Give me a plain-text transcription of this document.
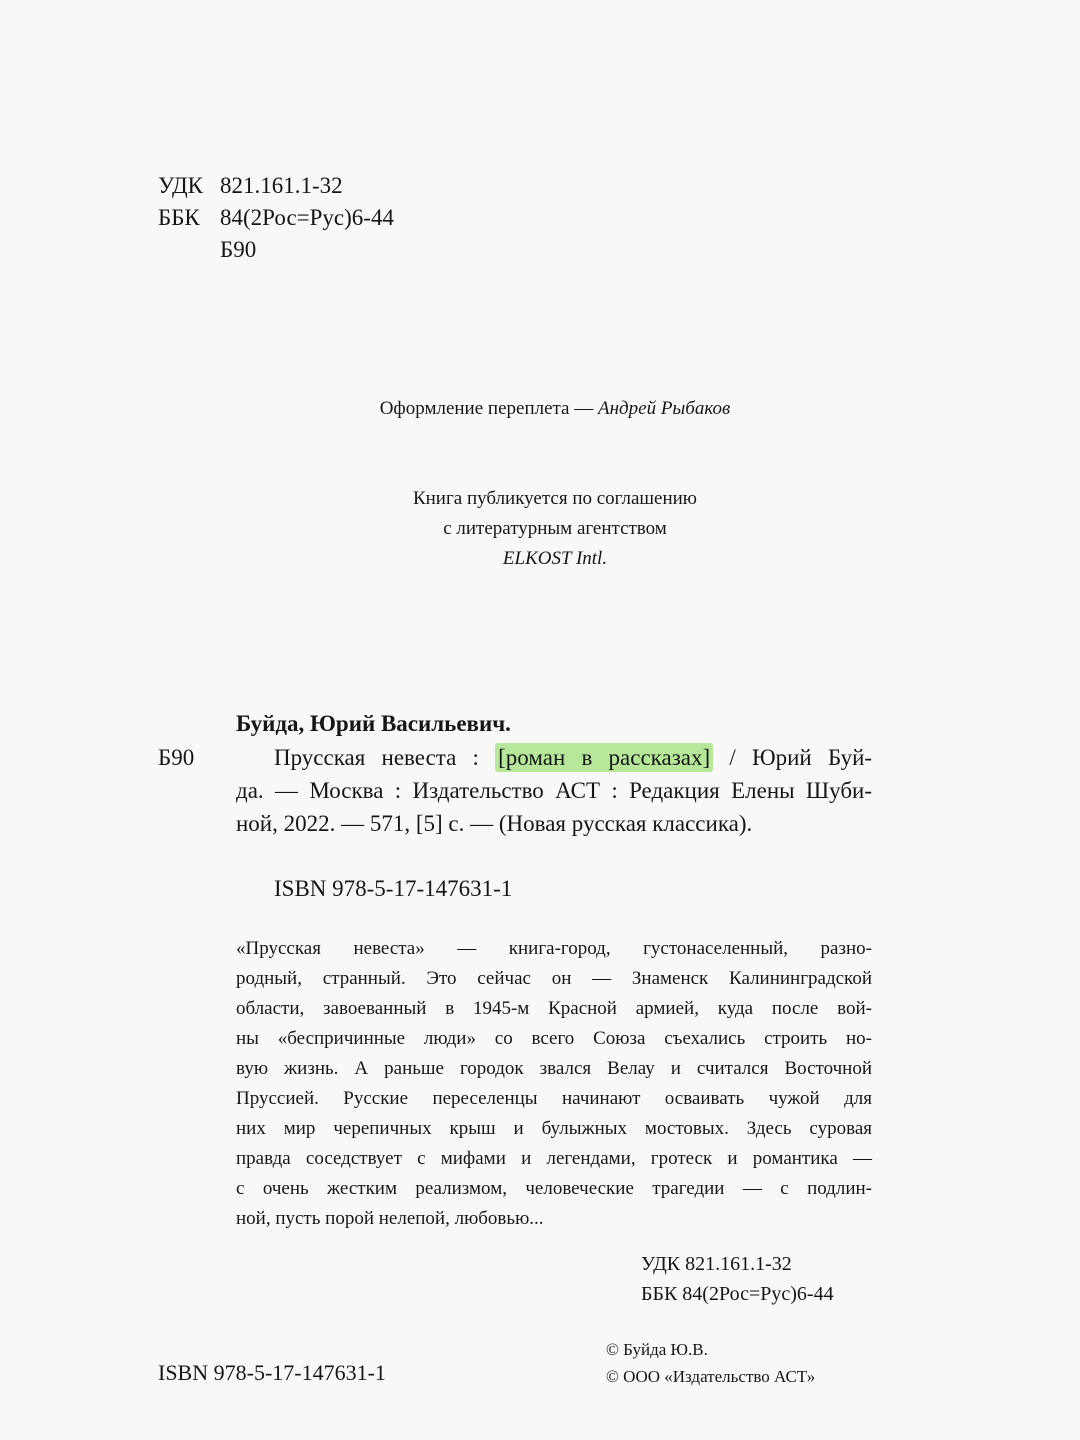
УДК 821.161.1-32
ББК 84(2Рос=Рус)6-44
Б90
Оформление переплета — Андрей Рыбаков
Книга публикуется по соглашению
с литературным агентством
ELKOST Intl.
Буйда, Юрий Васильевич.
Б90	Прусская невеста : [роман в рассказах] / Юрий Буй-
да. — Москва : Издательство АСТ : Редакция Елены Шуби-
ной, 2022. — 571, [5] с. — (Новая русская классика).
ISBN 978-5-17-147631-1
«Прусская невеста» — книга-город, густонаселенный, разно-
родный, странный. Это сейчас он — Знаменск Калининградской
области, завоеванный в 1945-м Красной армией, куда после вой-
ны «беспричинные люди» со всего Союза съехались строить но-
вую жизнь. А раньше городок звался Велау и считался Восточной
Пруссией. Русские переселенцы начинают осваивать чужой для
них мир черепичных крыш и булыжных мостовых. Здесь суровая
правда соседствует с мифами и легендами, гротеск и романтика —
с очень жестким реализмом, человеческие трагедии — с подлин-
ной, пусть порой нелепой, любовью...
УДК 821.161.1-32
ББК 84(2Рос=Рус)6-44
ISBN 978-5-17-147631-1
© Буйда Ю.В.
© ООО «Издательство АСТ»
